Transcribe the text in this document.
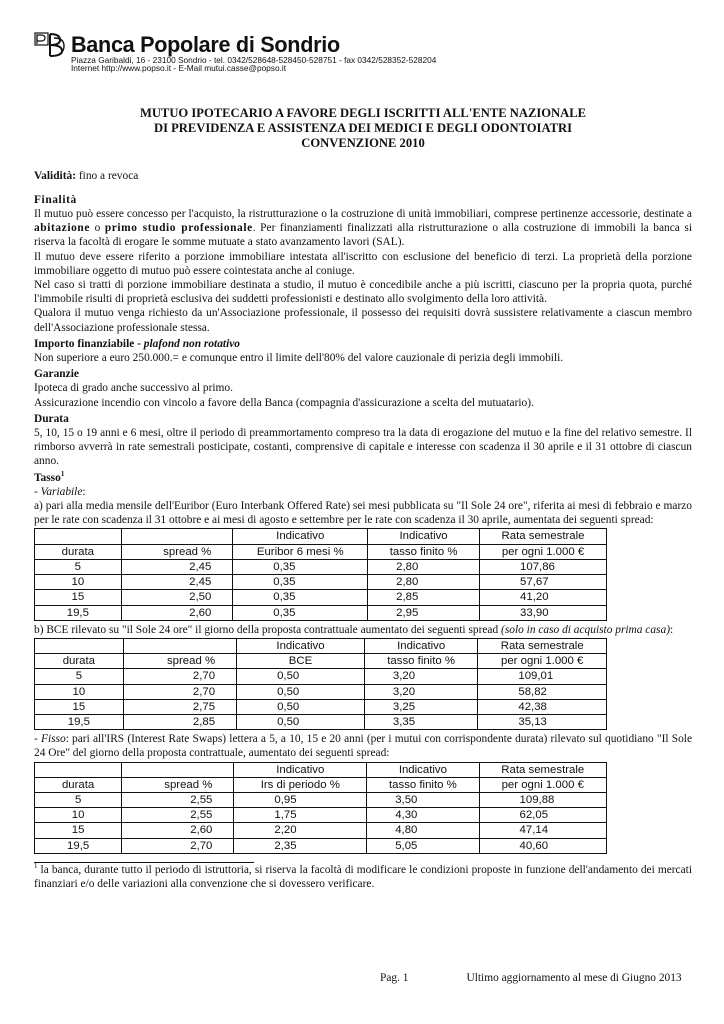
Banca Popolare di Sondrio
Piazza Garibaldi, 16 - 23100 Sondrio - tel. 0342/528648-528450-528751 - fax 0342/528352-528204
Internet http://www.popso.it - E-Mail mutui.casse@popso.it
MUTUO IPOTECARIO A FAVORE DEGLI ISCRITTI ALL'ENTE NAZIONALE
DI PREVIDENZA E ASSISTENZA DEI MEDICI E DEGLI ODONTOIATRI
CONVENZIONE 2010
Validità: fino a revoca
Finalità

Il mutuo può essere concesso per l'acquisto, la ristrutturazione o la costruzione di unità immobiliari, comprese pertinenze accessorie, destinate a abitazione o primo studio professionale. Per finanziamenti finalizzati alla ristrutturazione o alla costruzione di immobili la banca si riserva la facoltà di erogare le somme mutuate a stato avanzamento lavori (SAL).

Il mutuo deve essere riferito a porzione immobiliare intestata all'iscritto con esclusione del beneficio di terzi. La proprietà della porzione immobiliare oggetto di mutuo può essere cointestata anche al coniuge.

Nel caso si tratti di porzione immobiliare destinata a studio, il mutuo è concedibile anche a più iscritti, ciascuno per la propria quota, purché l'immobile risulti di proprietà esclusiva dei suddetti professionisti e destinato allo svolgimento della loro attività.

Qualora il mutuo venga richiesto da un'Associazione professionale, il possesso dei requisiti dovrà sussistere relativamente a ciascun membro dell'Associazione professionale stessa.

Importo finanziabile - plafond non rotativo

Non superiore a euro 250.000.= e comunque entro il limite dell'80% del valore cauzionale di perizia degli immobili.

Garanzie

Ipoteca di grado anche successivo al primo.

Assicurazione incendio con vincolo a favore della Banca (compagnia d'assicurazione a scelta del mutuatario).

Durata

5, 10, 15 o 19 anni e 6 mesi, oltre il periodo di preammortamento compreso tra la data di erogazione del mutuo e la fine del relativo semestre. Il rimborso avverrà in rate semestrali posticipate, costanti, comprensive di capitale e interesse con scadenza il 30 aprile e il 31 ottobre di ciascun anno.

Tasso$^1$
- Variabile:

a) pari alla media mensile dell'Euribor (Euro Interbank Offered Rate) sei mesi pubblicata su "Il Sole 24 ore", riferita ai mesi di febbraio e marzo per le rate con scadenza il 31 ottobre e ai mesi di agosto e settembre per le rate con scadenza il 30 aprile, aumentata dei seguenti spread:

		Indicativo	Indicativo	Rata semestrale
durata	spread %	Euribor 6 mesi %	tasso finito %	per ogni 1.000 €
5	2,45	0,35	2,80	107,86
10	2,45	0,35	2,80	57,67
15	2,50	0,35	2,85	41,20
19,5	2,60	0,35	2,95	33,90

b) BCE rilevato su "il Sole 24 ore" il giorno della proposta contrattuale aumentato dei seguenti spread (solo in caso di acquisto prima casa):

		Indicativo	Indicativo	Rata semestrale
durata	spread %	BCE	tasso finito %	per ogni 1.000 €
5	2,70	0,50	3,20	109,01
10	2,70	0,50	3,20	58,82
15	2,75	0,50	3,25	42,38
19,5	2,85	0,50	3,35	35,13

- Fisso: pari all'IRS (Interest Rate Swaps) lettera a 5, a 10, 15 e 20 anni (per i mutui con corrispondente durata) rilevato sul quotidiano "Il Sole 24 Ore" del giorno della proposta contrattuale, aumentato dei seguenti spread:

		Indicativo	Indicativo	Rata semestrale
durata	spread %	Irs di periodo %	tasso finito %	per ogni 1.000 €
5	2,55	0,95	3,50	109,88
10	2,55	1,75	4,30	62,05
15	2,60	2,20	4,80	47,14
19,5	2,70	2,35	5,05	40,60

$^1$ la banca, durante tutto il periodo di istruttoria, si riserva la facoltà di modificare le condizioni proposte in funzione dell'andamento dei mercati finanziari e/o delle variazioni alla convenzione che si dovessero verificare.

Pag. 1	Ultimo aggiornamento al mese di Giugno 2013
